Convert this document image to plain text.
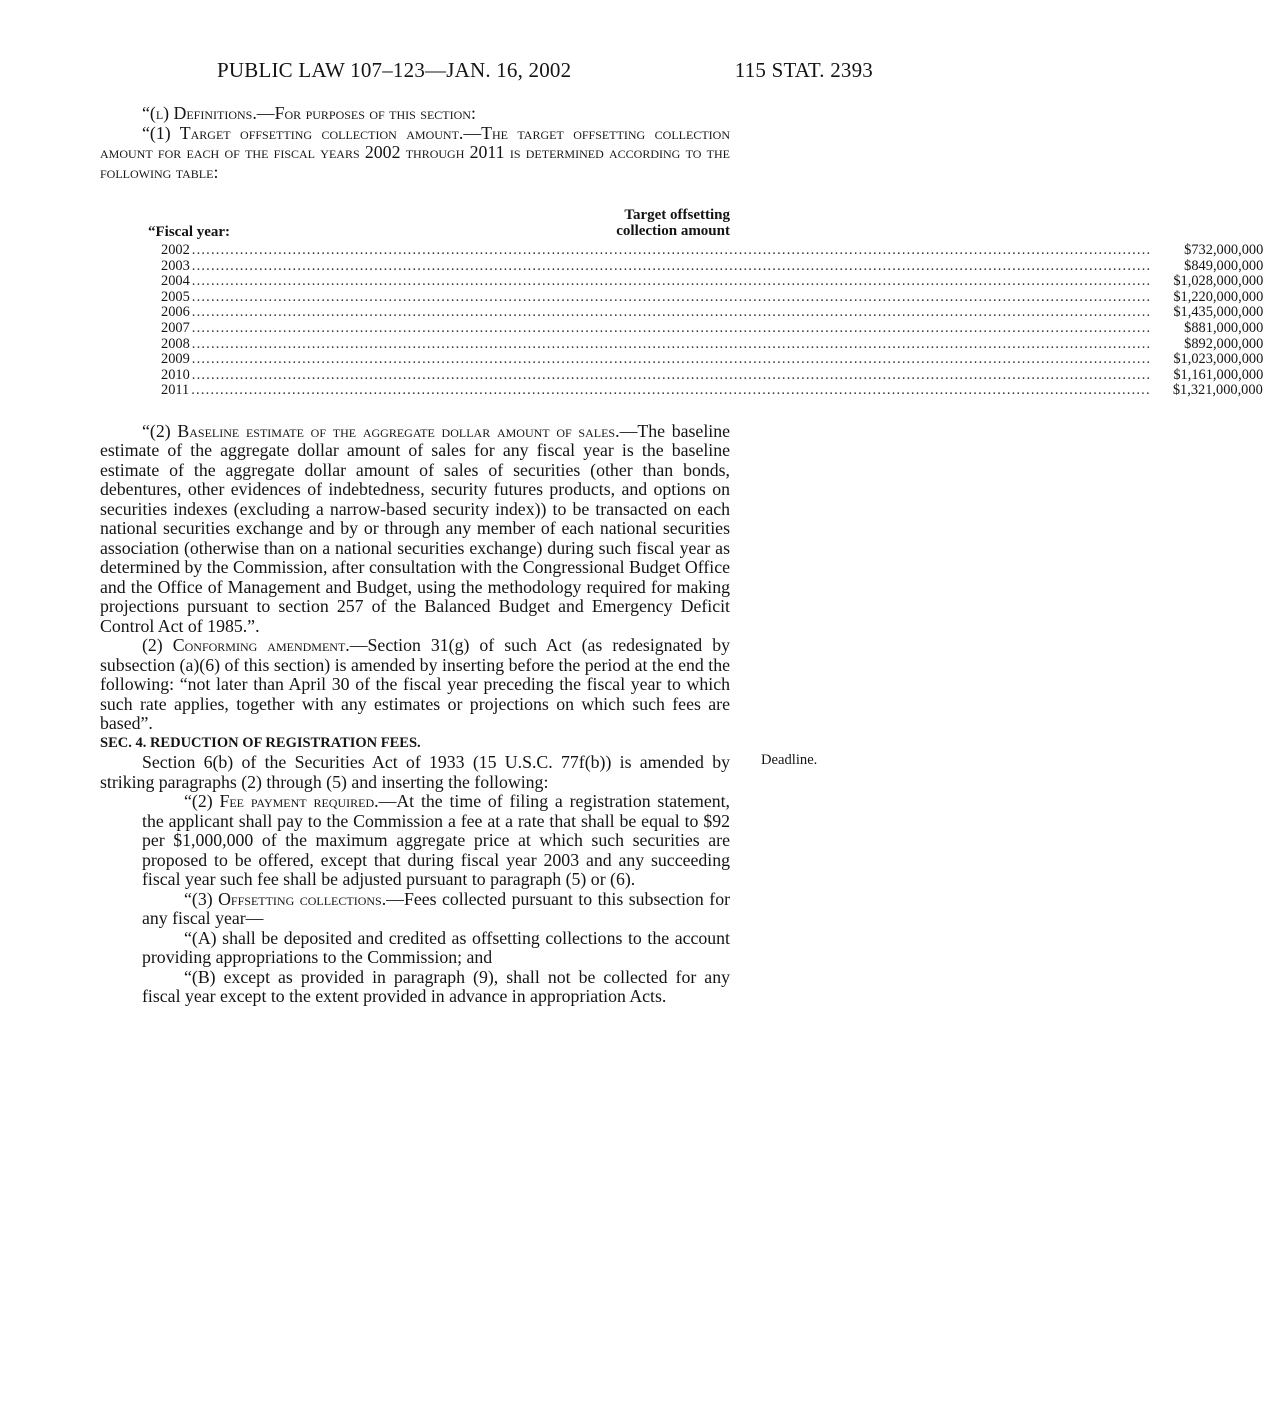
PUBLIC LAW 107–123—JAN. 16, 2002	115 STAT. 2393

“(l) Definitions.—For purposes of this section:

“(1) Target offsetting collection amount.—The target offsetting collection amount for each of the fiscal years 2002 through 2011 is determined according to the following table:

“Fiscal year:
Target offsetting
collection amount
2002 ........................................................................................................................................................................................................	$732,000,000
2003 ........................................................................................................................................................................................................	$849,000,000
2004 ........................................................................................................................................................................................................	$1,028,000,000
2005 ........................................................................................................................................................................................................	$1,220,000,000
2006 ........................................................................................................................................................................................................	$1,435,000,000
2007 ........................................................................................................................................................................................................	$881,000,000
2008 ........................................................................................................................................................................................................	$892,000,000
2009 ........................................................................................................................................................................................................	$1,023,000,000
2010 ........................................................................................................................................................................................................	$1,161,000,000
2011 ........................................................................................................................................................................................................	$1,321,000,000

“(2) Baseline estimate of the aggregate dollar amount of sales.—The baseline estimate of the aggregate dollar amount of sales for any fiscal year is the baseline estimate of the aggregate dollar amount of sales of securities (other than bonds, debentures, other evidences of indebtedness, security futures products, and options on securities indexes (excluding a narrow-based security index)) to be transacted on each national securities exchange and by or through any member of each national securities association (otherwise than on a national securities exchange) during such fiscal year as determined by the Commission, after consultation with the Congressional Budget Office and the Office of Management and Budget, using the methodology required for making projections pursuant to section 257 of the Balanced Budget and Emergency Deficit Control Act of 1985.”.

(2) Conforming amendment.—Section 31(g) of such Act (as redesignated by subsection (a)(6) of this section) is amended by inserting before the period at the end the following: “not later than April 30 of the fiscal year preceding the fiscal year to which such rate applies, together with any estimates or projections on which such fees are based”.

SEC. 4. REDUCTION OF REGISTRATION FEES.

Section 6(b) of the Securities Act of 1933 (15 U.S.C. 77f(b)) is amended by striking paragraphs (2) through (5) and inserting the following:

“(2) Fee payment required.—At the time of filing a registration statement, the applicant shall pay to the Commission a fee at a rate that shall be equal to $92 per $1,000,000 of the maximum aggregate price at which such securities are proposed to be offered, except that during fiscal year 2003 and any succeeding fiscal year such fee shall be adjusted pursuant to paragraph (5) or (6).

“(3) Offsetting collections.—Fees collected pursuant to this subsection for any fiscal year—

“(A) shall be deposited and credited as offsetting collections to the account providing appropriations to the Commission; and

“(B) except as provided in paragraph (9), shall not be collected for any fiscal year except to the extent provided in advance in appropriation Acts.

Deadline.
